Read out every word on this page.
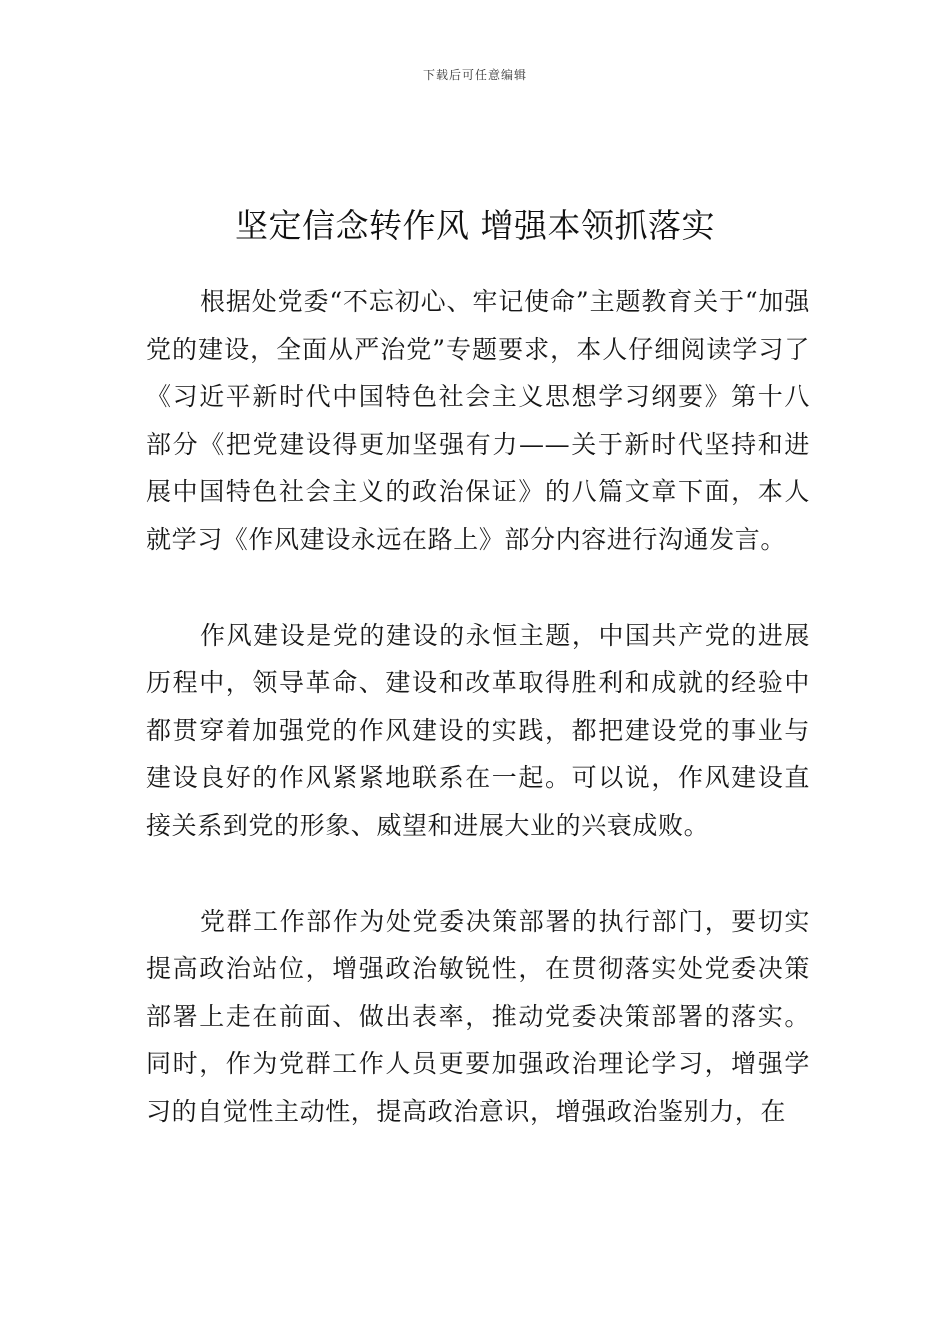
下载后可任意编辑
坚定信念转作风 增强本领抓落实

根据处党委“不忘初心、牢记使命”主题教育关于“加强党的建设，全面从严治党”专题要求，本人仔细阅读学习了《习近平新时代中国特色社会主义思想学习纲要》第十八部分《把党建设得更加坚强有力——关于新时代坚持和进展中国特色社会主义的政治保证》的八篇文章下面，本人就学习《作风建设永远在路上》部分内容进行沟通发言。

作风建设是党的建设的永恒主题，中国共产党的进展历程中，领导革命、建设和改革取得胜利和成就的经验中都贯穿着加强党的作风建设的实践，都把建设党的事业与建设良好的作风紧紧地联系在一起。可以说，作风建设直接关系到党的形象、威望和进展大业的兴衰成败。

党群工作部作为处党委决策部署的执行部门，要切实提高政治站位，增强政治敏锐性，在贯彻落实处党委决策部署上走在前面、做出表率，推动党委决策部署的落实。同时，作为党群工作人员更要加强政治理论学习，增强学习的自觉性主动性，提高政治意识，增强政治鉴别力，在
